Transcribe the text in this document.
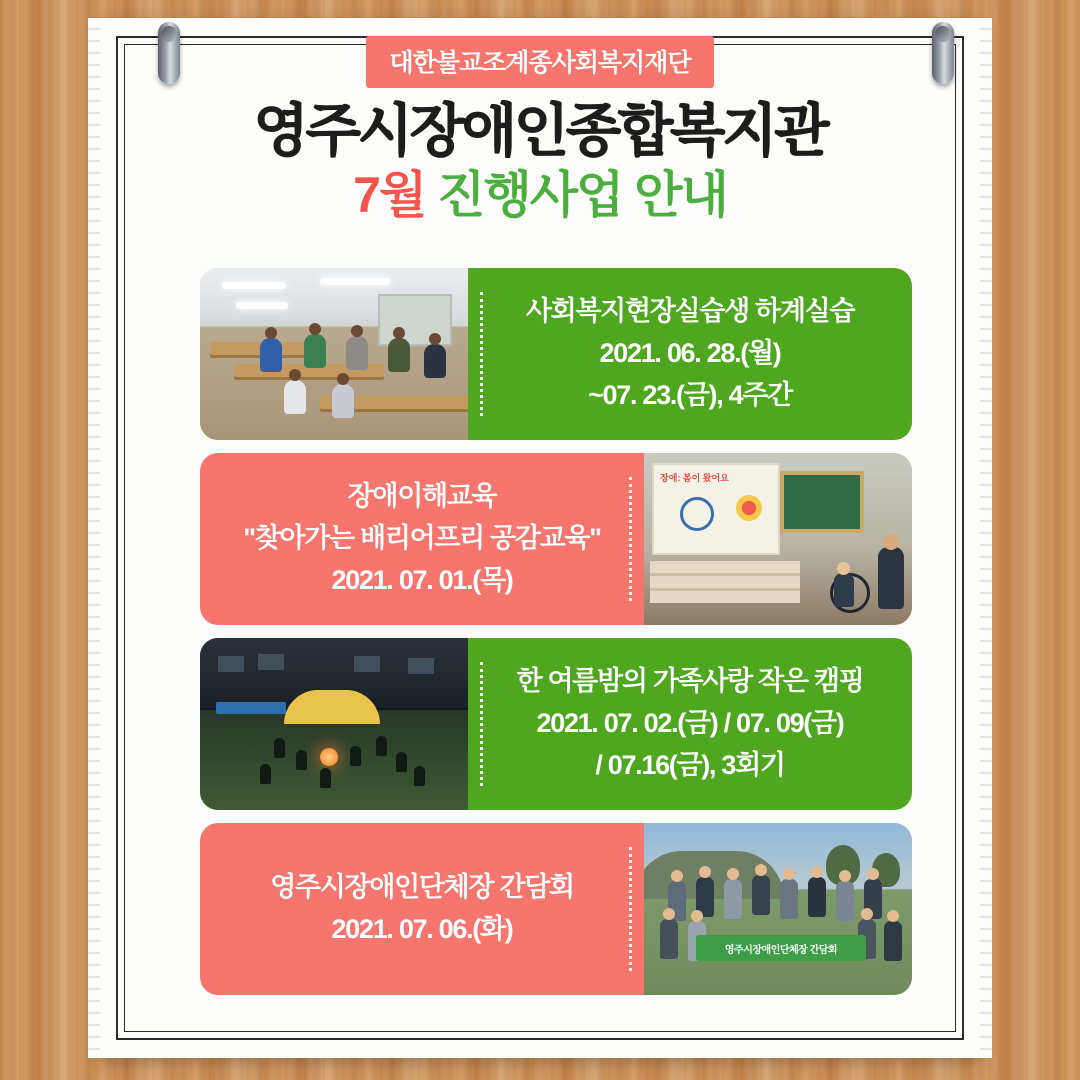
대한불교조계종사회복지재단
영주시장애인종합복지관
7월 진행사업 안내
사회복지현장실습생 하계실습
2021. 06. 28.(월)
~07. 23.(금), 4주간
장애: 봄이 왔어요
장애이해교육
"찾아가는 배리어프리 공감교육"
2021. 07. 01.(목)
한 여름밤의 가족사랑 작은 캠핑
2021. 07. 02.(금) / 07. 09(금)
/ 07.16(금), 3회기
영주시장애인단체장 간담회
영주시장애인단체장 간담회
2021. 07. 06.(화)
